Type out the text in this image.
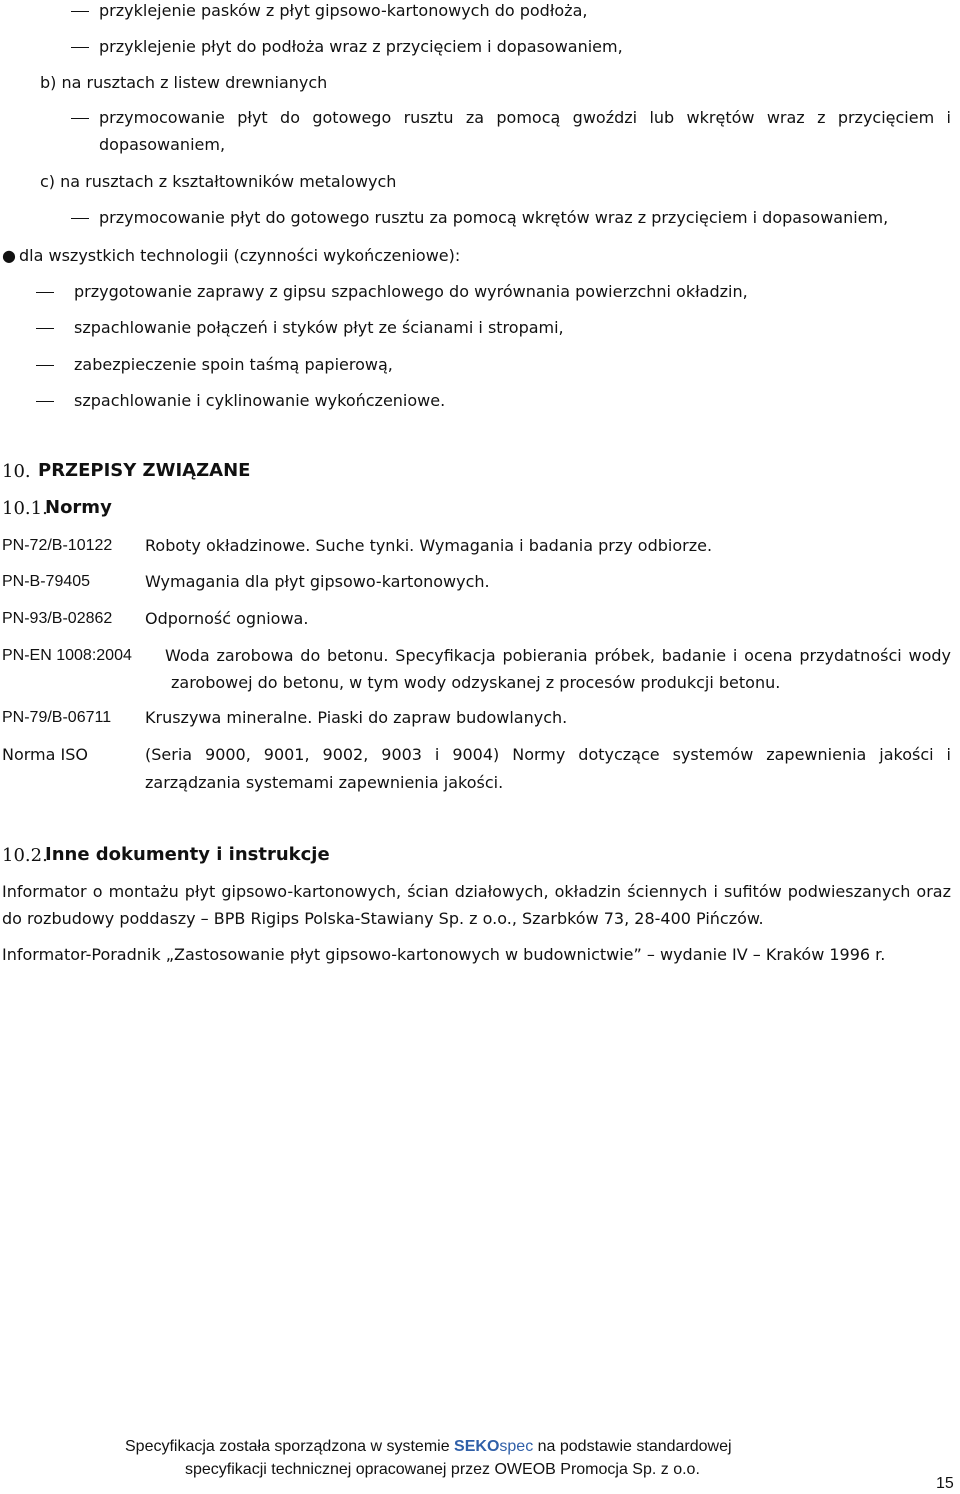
przyklejenie pasków z płyt gipsowo-kartonowych do podłoża,
przyklejenie płyt do podłoża wraz z przycięciem i dopasowaniem,
b) na rusztach z listew drewnianych
przymocowanie płyt do gotowego rusztu za pomocą gwoździ lub wkrętów wraz z przycięciem i
dopasowaniem,
c) na rusztach z kształtowników metalowych
przymocowanie płyt do gotowego rusztu za pomocą wkrętów wraz z przycięciem i dopasowaniem,
● dla wszystkich technologii (czynności wykończeniowe):
przygotowanie zaprawy z gipsu szpachlowego do wyrównania powierzchni okładzin,
szpachlowanie połączeń i styków płyt ze ścianami i stropami,
zabezpieczenie spoin taśmą papierową,
szpachlowanie i cyklinowanie wykończeniowe.
10. PRZEPISY ZWIĄZANE
10.1.
Normy
PN-72/B-10122 Roboty okładzinowe. Suche tynki. Wymagania i badania przy odbiorze.
PN-B-79405	Wymagania dla płyt gipsowo-kartonowych.
PN-93/B-02862 Odporność ogniowa.
PN-EN 1008:2004 Woda zarobowa do betonu. Specyfikacja pobierania próbek, badanie i ocena przydatności wody
zarobowej do betonu, w tym wody odzyskanej z procesów produkcji betonu.
PN-79/B-06711 Kruszywa mineralne. Piaski do zapraw budowlanych.
Norma ISO	(Seria 9000, 9001, 9002, 9003 i 9004) Normy dotyczące systemów zapewnienia jakości i
zarządzania systemami zapewnienia jakości.
10.2.
Inne dokumenty i instrukcje
Informator o montażu płyt gipsowo-kartonowych, ścian działowych, okładzin ściennych i sufitów podwieszanych oraz
do rozbudowy poddaszy – BPB Rigips Polska-Stawiany Sp. z o.o., Szarbków 73, 28-400 Pińczów.
Informator-Poradnik „Zastosowanie płyt gipsowo-kartonowych w budownictwie” – wydanie IV – Kraków 1996 r.
Specyfikacja została sporządzona w systemie SEKOspec na podstawie standardowej
specyfikacji technicznej opracowanej przez OWEOB Promocja Sp. z o.o.
15
